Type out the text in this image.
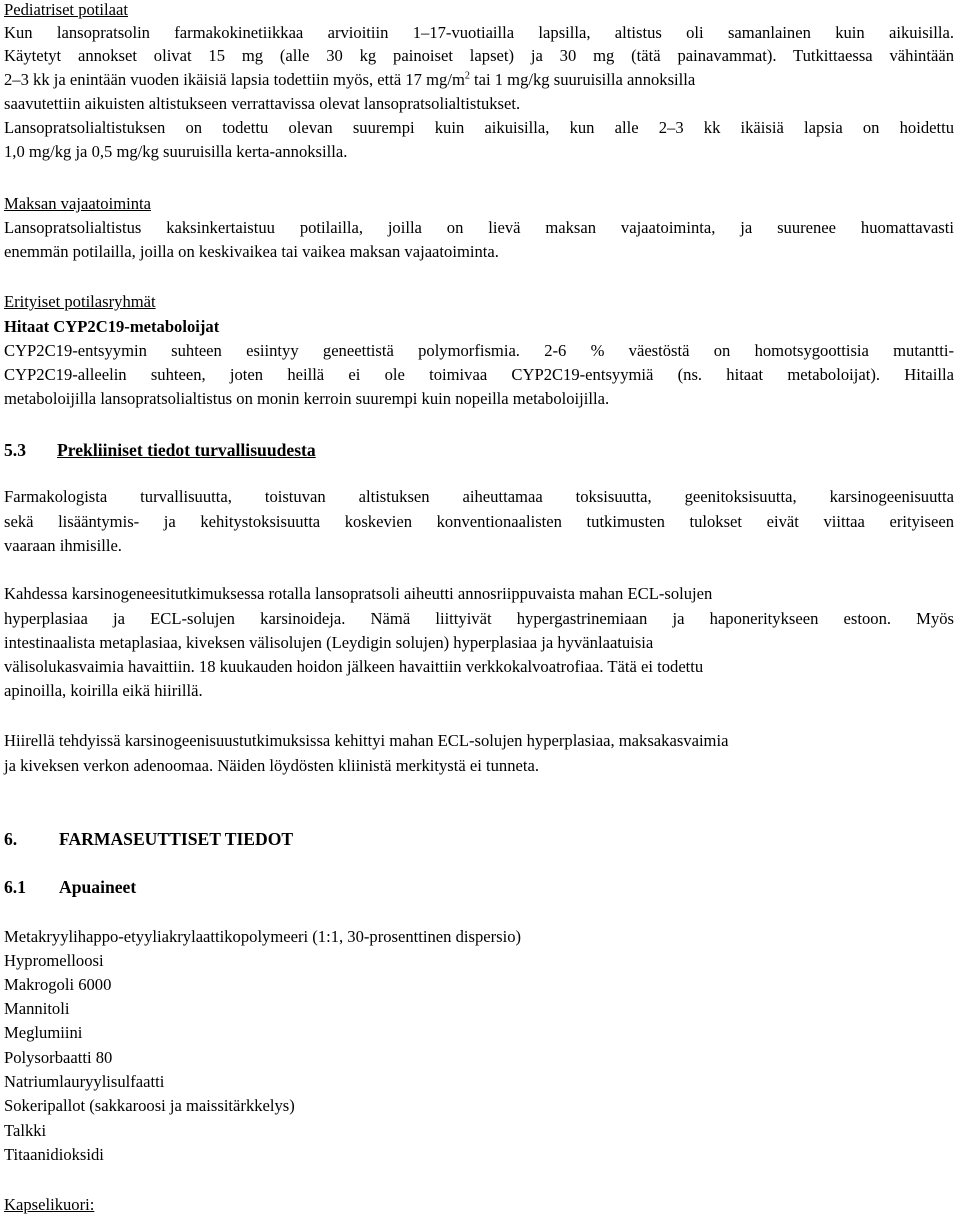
Pediatriset potilaat
Kun lansopratsolin farmakokinetiikkaa arvioitiin 1–17-vuotiailla lapsilla, altistus oli samanlainen kuin aikuisilla.
Käytetyt annokset olivat 15 mg (alle 30 kg painoiset lapset) ja 30 mg (tätä painavammat). Tutkittaessa vähintään
2–3 kk ja enintään vuoden ikäisiä lapsia todettiin myös, että 17 $mg/m^2$ tai 1 mg/kg suuruisilla annoksilla
saavutettiin aikuisten altistukseen verrattavissa olevat lansopratsolialtistukset.
Lansopratsolialtistuksen on todettu olevan suurempi kuin aikuisilla, kun alle 2–3 kk ikäisiä lapsia on hoidettu
1,0 mg/kg ja 0,5 mg/kg suuruisilla kerta-annoksilla.
Maksan vajaatoiminta
Lansopratsolialtistus kaksinkertaistuu potilailla, joilla on lievä maksan vajaatoiminta, ja suurenee huomattavasti
enemmän potilailla, joilla on keskivaikea tai vaikea maksan vajaatoiminta.
Erityiset potilasryhmät
Hitaat CYP2C19-metaboloijat
CYP2C19-entsyymin suhteen esiintyy geneettistä polymorfismia. 2-6 % väestöstä on homotsygoottisia mutantti-
CYP2C19-alleelin suhteen, joten heillä ei ole toimivaa CYP2C19-entsyymiä (ns. hitaat metaboloijat). Hitailla
metaboloijilla lansopratsolialtistus on monin kerroin suurempi kuin nopeilla metaboloijilla.
5.3 Prekliiniset tiedot turvallisuudesta
Farmakologista turvallisuutta, toistuvan altistuksen aiheuttamaa toksisuutta, geenitoksisuutta, karsinogeenisuutta
sekä lisääntymis- ja kehitystoksisuutta koskevien konventionaalisten tutkimusten tulokset eivät viittaa erityiseen
vaaraan ihmisille.
Kahdessa karsinogeneesitutkimuksessa rotalla lansopratsoli aiheutti annosriippuvaista mahan ECL-solujen
hyperplasiaa ja ECL-solujen karsinoideja. Nämä liittyivät hypergastrinemiaan ja haponeritykseen estoon. Myös
intestinaalista metaplasiaa, kiveksen välisolujen (Leydigin solujen) hyperplasiaa ja hyvänlaatuisia
välisolukasvaimia havaittiin. 18 kuukauden hoidon jälkeen havaittiin verkkokalvoatrofiaa. Tätä ei todettu
apinoilla, koirilla eikä hiirillä.
Hiirellä tehdyissä karsinogeenisuustutkimuksissa kehittyi mahan ECL-solujen hyperplasiaa, maksakasvaimia
ja kiveksen verkon adenoomaa. Näiden löydösten kliinistä merkitystä ei tunneta.
6. FARMASEUTTISET TIEDOT
6.1 Apuaineet
Metakryylihappo-etyyliakrylaattikopolymeeri (1:1, 30-prosenttinen dispersio)
Hypromelloosi
Makrogoli 6000
Mannitoli
Meglumiini
Polysorbaatti 80
Natriumlauryylisulfaatti
Sokeripallot (sakkaroosi ja maissitärkkelys)
Talkki
Titaanidioksidi
Kapselikuori:
